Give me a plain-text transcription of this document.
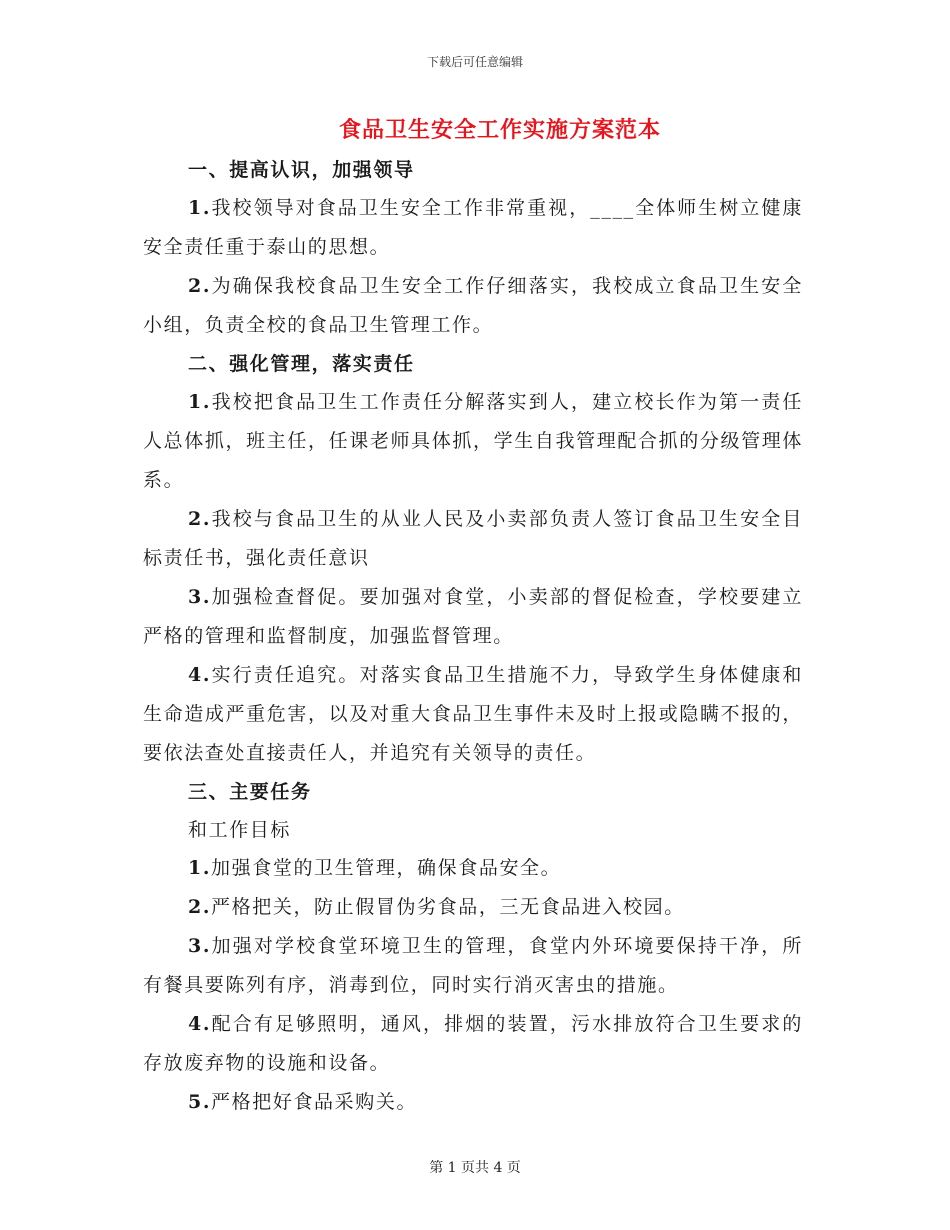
下载后可任意编辑
食品卫生安全工作实施方案范本

一、提高认识，加强领导

1.我校领导对食品卫生安全工作非常重视，____全体师生树立健康安全责任重于泰山的思想。

2.为确保我校食品卫生安全工作仔细落实，我校成立食品卫生安全小组，负责全校的食品卫生管理工作。

二、强化管理，落实责任

1.我校把食品卫生工作责任分解落实到人，建立校长作为第一责任人总体抓，班主任，任课老师具体抓，学生自我管理配合抓的分级管理体系。

2.我校与食品卫生的从业人民及小卖部负责人签订食品卫生安全目标责任书，强化责任意识

3.加强检查督促。要加强对食堂，小卖部的督促检查，学校要建立严格的管理和监督制度，加强监督管理。

4.实行责任追究。对落实食品卫生措施不力，导致学生身体健康和生命造成严重危害，以及对重大食品卫生事件未及时上报或隐瞒不报的，要依法查处直接责任人，并追究有关领导的责任。

三、主要任务

和工作目标

1.加强食堂的卫生管理，确保食品安全。

2.严格把关，防止假冒伪劣食品，三无食品进入校园。

3.加强对学校食堂环境卫生的管理，食堂内外环境要保持干净，所有餐具要陈列有序，消毒到位，同时实行消灭害虫的措施。

4.配合有足够照明，通风，排烟的装置，污水排放符合卫生要求的存放废弃物的设施和设备。

5.严格把好食品采购关。

第 1 页共 4 页
